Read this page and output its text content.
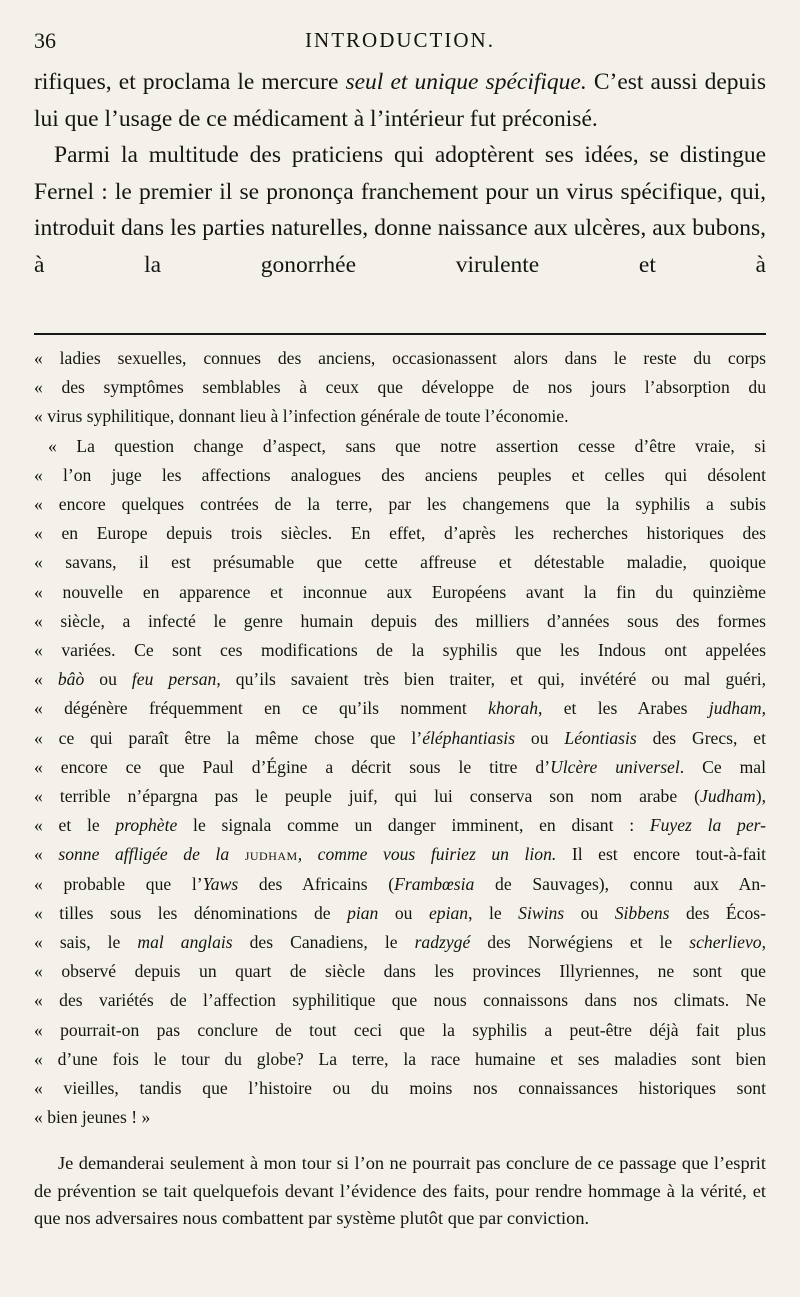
36	INTRODUCTION.

rifiques, et proclama le mercure seul et unique spécifique. C’est aussi depuis lui que l’usage de ce médicament à l’intérieur fut préconisé.

Parmi la multitude des praticiens qui adoptèrent ses idées, se distingue Fernel : le premier il se prononça franchement pour un virus spécifique, qui, introduit dans les parties naturelles, donne naissance aux ulcères, aux bubons, à la gonorrhée virulente et à

« ladies sexuelles, connues des anciens, occasionassent alors dans le reste du corps
« des symptômes semblables à ceux que développe de nos jours l’absorption du
« virus syphilitique, donnant lieu à l’infection générale de toute l’économie.
« La question change d’aspect, sans que notre assertion cesse d’être vraie, si
« l’on juge les affections analogues des anciens peuples et celles qui désolent
« encore quelques contrées de la terre, par les changemens que la syphilis a subis
« en Europe depuis trois siècles. En effet, d’après les recherches historiques des
« savans, il est présumable que cette affreuse et détestable maladie, quoique
« nouvelle en apparence et inconnue aux Européens avant la fin du quinzième
« siècle, a infecté le genre humain depuis des milliers d’années sous des formes
« variées. Ce sont ces modifications de la syphilis que les Indous ont appelées
« bâò ou feu persan, qu’ils savaient très bien traiter, et qui, invétéré ou mal guéri,
« dégénère fréquemment en ce qu’ils nomment khorah, et les Arabes judham,
« ce qui paraît être la même chose que l’éléphantiasis ou Léontiasis des Grecs, et
« encore ce que Paul d’Égine a décrit sous le titre d’Ulcère universel. Ce mal
« terrible n’épargna pas le peuple juif, qui lui conserva son nom arabe (Judham),
« et le prophète le signala comme un danger imminent, en disant : Fuyez la per-
« sonne affligée de la judham, comme vous fuiriez un lion. Il est encore tout-à-fait
« probable que l’Yaws des Africains (Frambœsia de Sauvages), connu aux An-
« tilles sous les dénominations de pian ou epian, le Siwins ou Sibbens des Écos-
« sais, le mal anglais des Canadiens, le radzygé des Norwégiens et le scherlievo,
« observé depuis un quart de siècle dans les provinces Illyriennes, ne sont que
« des variétés de l’affection syphilitique que nous connaissons dans nos climats. Ne
« pourrait-on pas conclure de tout ceci que la syphilis a peut-être déjà fait plus
« d’une fois le tour du globe? La terre, la race humaine et ses maladies sont bien
« vieilles, tandis que l’histoire ou du moins nos connaissances historiques sont
« bien jeunes ! »

Je demanderai seulement à mon tour si l’on ne pourrait pas conclure de ce passage que l’esprit de prévention se tait quelquefois devant l’évidence des faits, pour rendre hommage à la vérité, et que nos adversaires nous combattent par système plutôt que par conviction.
